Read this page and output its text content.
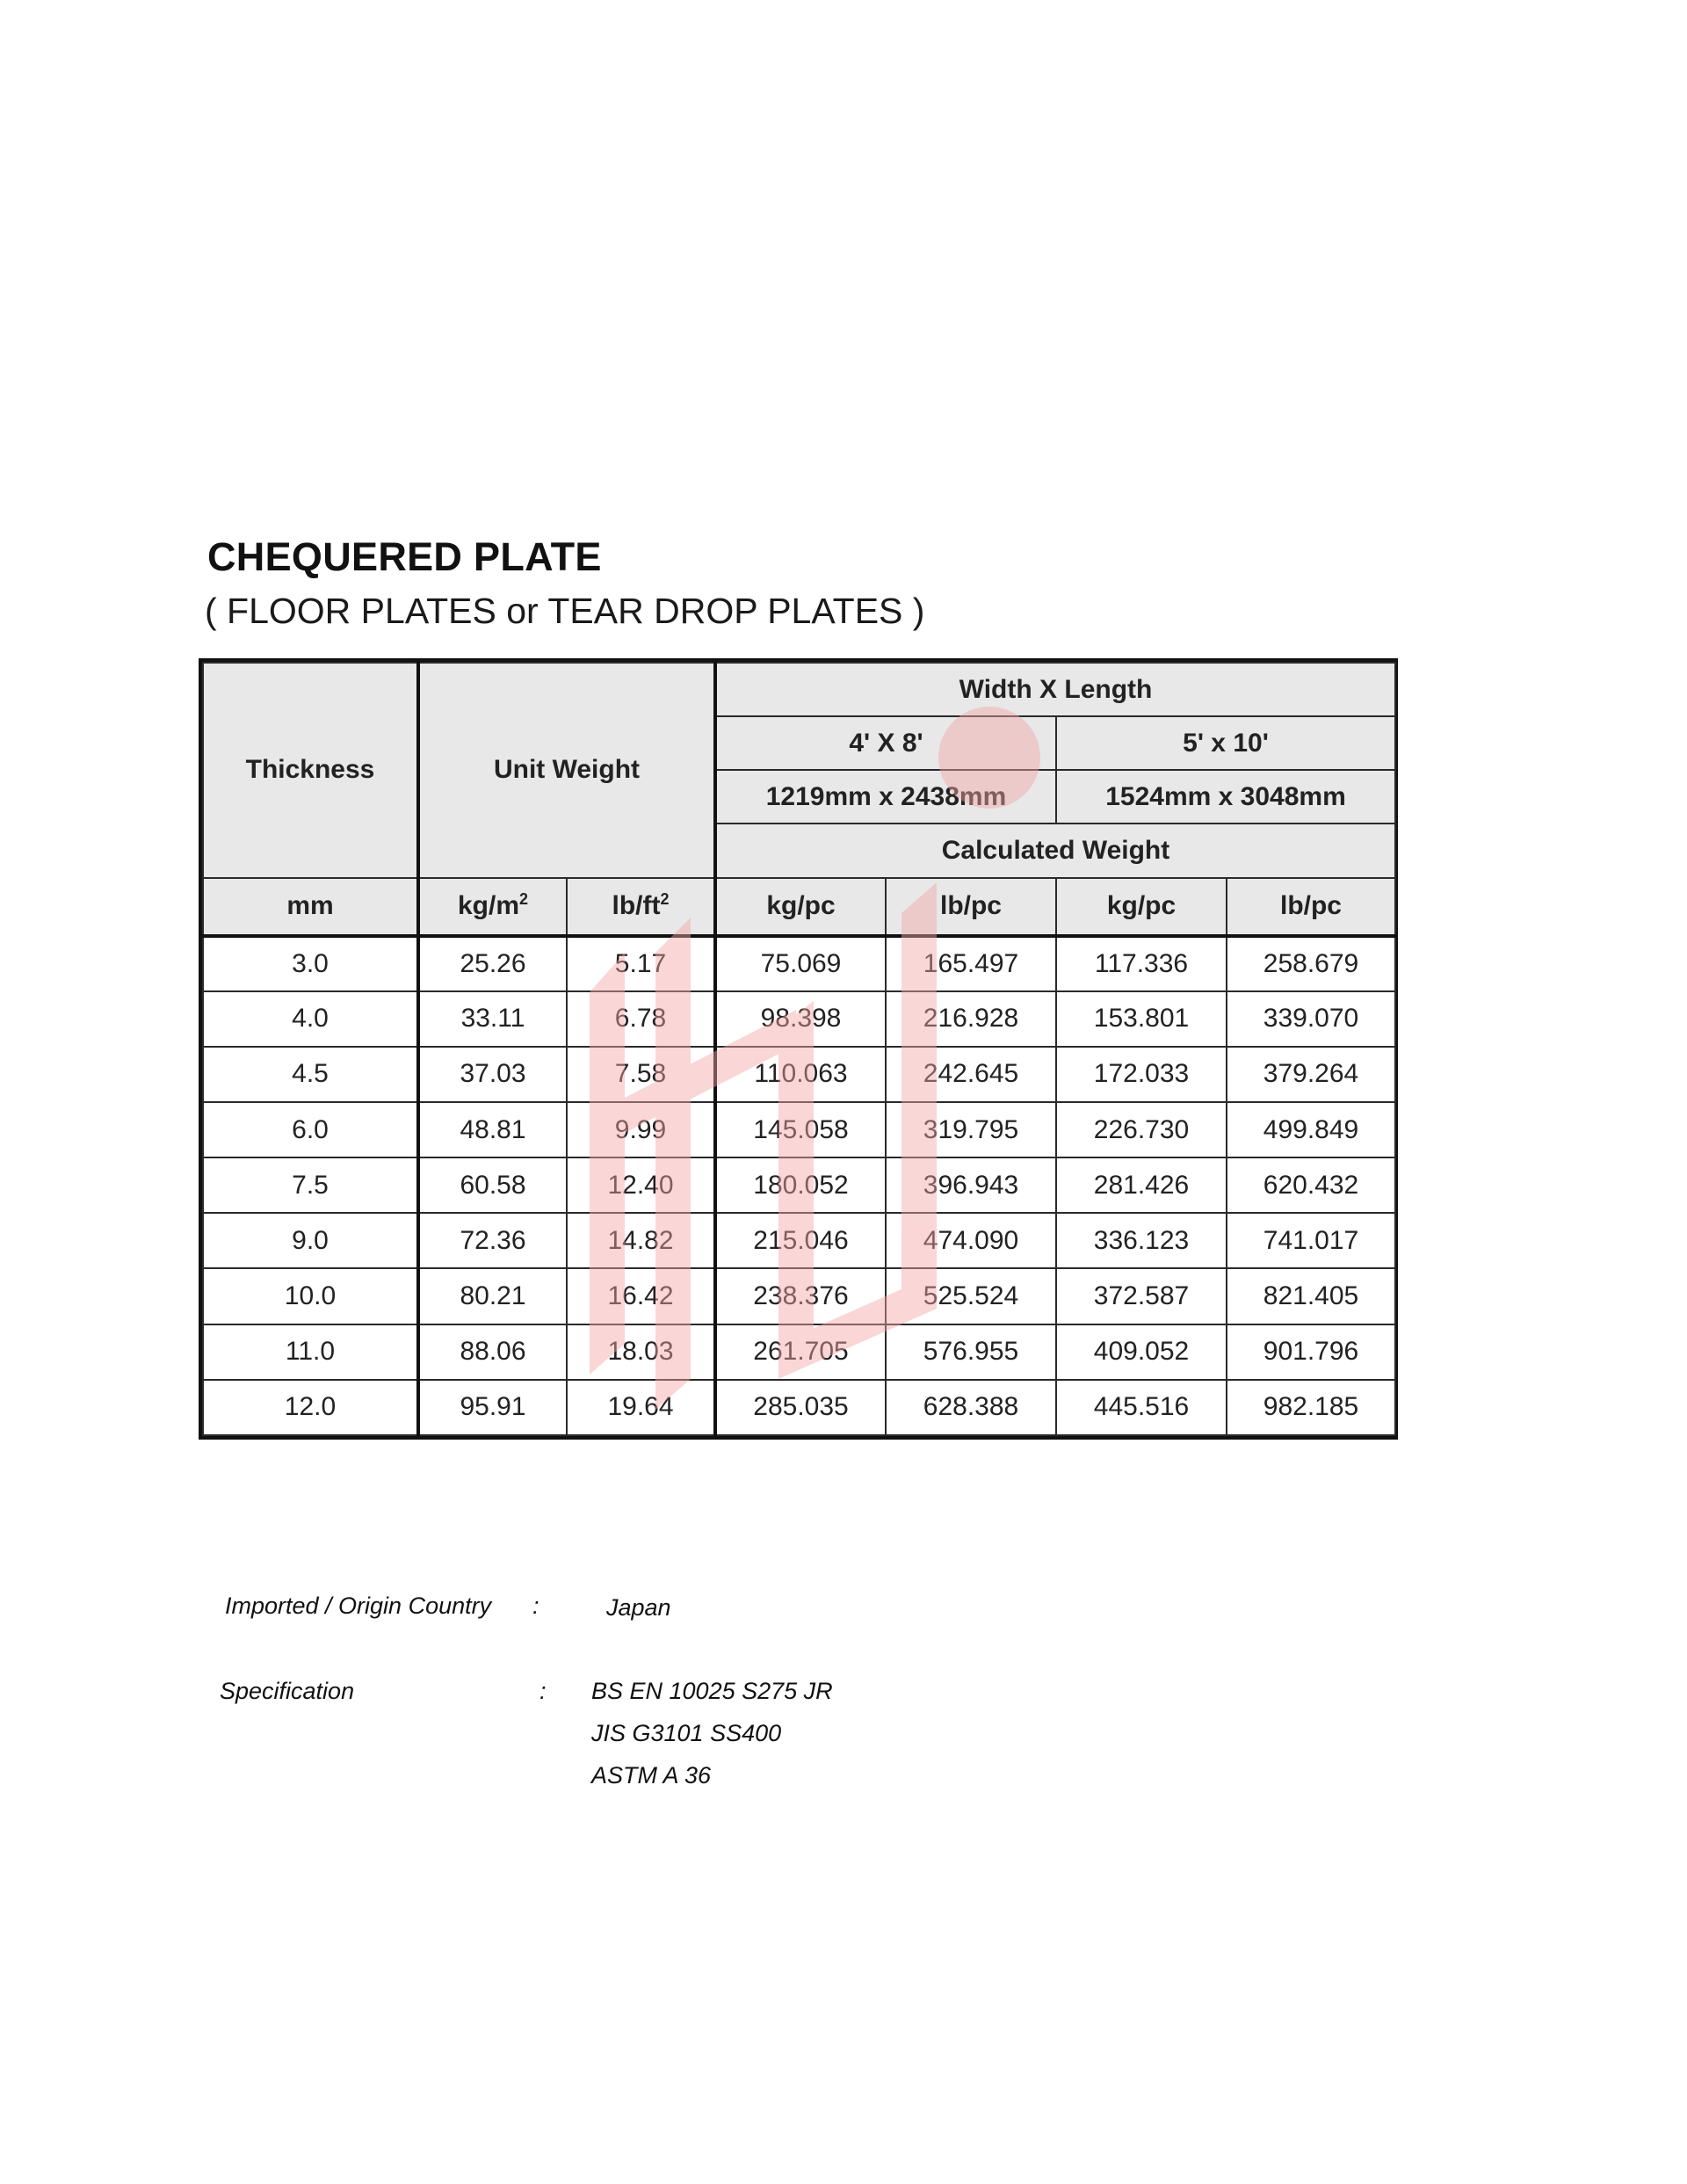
CHEQUERED PLATE
( FLOOR PLATES or TEAR DROP PLATES )
Thickness	Unit Weight		Width X Length			
			4' X 8'		5' x 10'	
			1219mm x 2438mm		1524mm x 3048mm	
			Calculated Weight			
mm	$kg/m^2$	$lb/ft^2$	kg/pc	lb/pc	kg/pc	lb/pc
3.0	25.26	5.17	75.069	165.497	117.336	258.679
4.0	33.11	6.78	98.398	216.928	153.801	339.070
4.5	37.03	7.58	110.063	242.645	172.033	379.264
6.0	48.81	9.99	145.058	319.795	226.730	499.849
7.5	60.58	12.40	180.052	396.943	281.426	620.432
9.0	72.36	14.82	215.046	474.090	336.123	741.017
10.0	80.21	16.42	238.376	525.524	372.587	821.405
11.0	88.06	18.03	261.705	576.955	409.052	901.796
12.0	95.91	19.64	285.035	628.388	445.516	982.185
Imported / Origin Country :	Japan
Specification	: BS EN 10025 S275 JR
JIS G3101 SS400
ASTM A 36
